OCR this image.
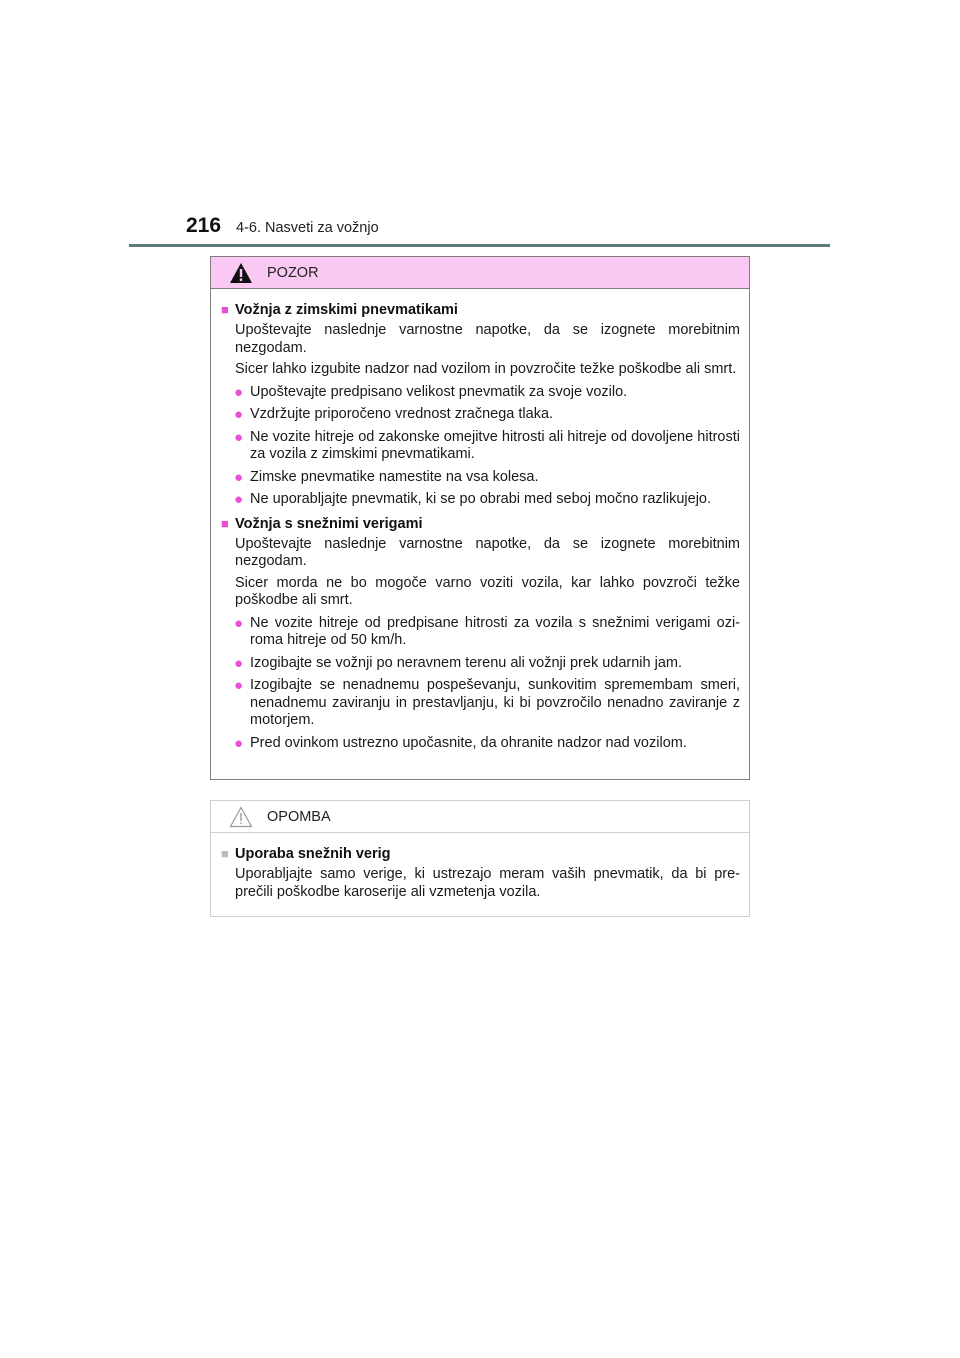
216 4-6. Nasveti za vožnjo
POZOR
■ Vožnja z zimskimi pnevmatikami
Upoštevajte naslednje varnostne napotke, da se izognete morebitnim nezgodam.
Sicer lahko izgubite nadzor nad vozilom in povzročite težke poškodbe ali smrt.
● Upoštevajte predpisano velikost pnevmatik za svoje vozilo.
● Vzdržujte priporočeno vrednost zračnega tlaka.
● Ne vozite hitreje od zakonske omejitve hitrosti ali hitreje od dovoljene hitrosti za vozila z zimskimi pnevmatikami.
● Zimske pnevmatike namestite na vsa kolesa.
● Ne uporabljajte pnevmatik, ki se po obrabi med seboj močno razlikujejo.
■ Vožnja s snežnimi verigami
Upoštevajte naslednje varnostne napotke, da se izognete morebitnim nezgodam.
Sicer morda ne bo mogoče varno voziti vozila, kar lahko povzroči težke poškodbe ali smrt.
● Ne vozite hitreje od predpisane hitrosti za vozila s snežnimi verigami ozi- roma hitreje od 50 km/h.
● Izogibajte se vožnji po neravnem terenu ali vožnji prek udarnih jam.
● Izogibajte se nenadnemu pospeševanju, sunkovitim spremembam smeri, nenadnemu zaviranju in prestavljanju, ki bi povzročilo nenadno zaviranje z motorjem.
● Pred ovinkom ustrezno upočasnite, da ohranite nadzor nad vozilom.
OPOMBA
■ Uporaba snežnih verig
Uporabljajte samo verige, ki ustrezajo meram vaših pnevmatik, da bi pre- prečili poškodbe karoserije ali vzmetenja vozila.
